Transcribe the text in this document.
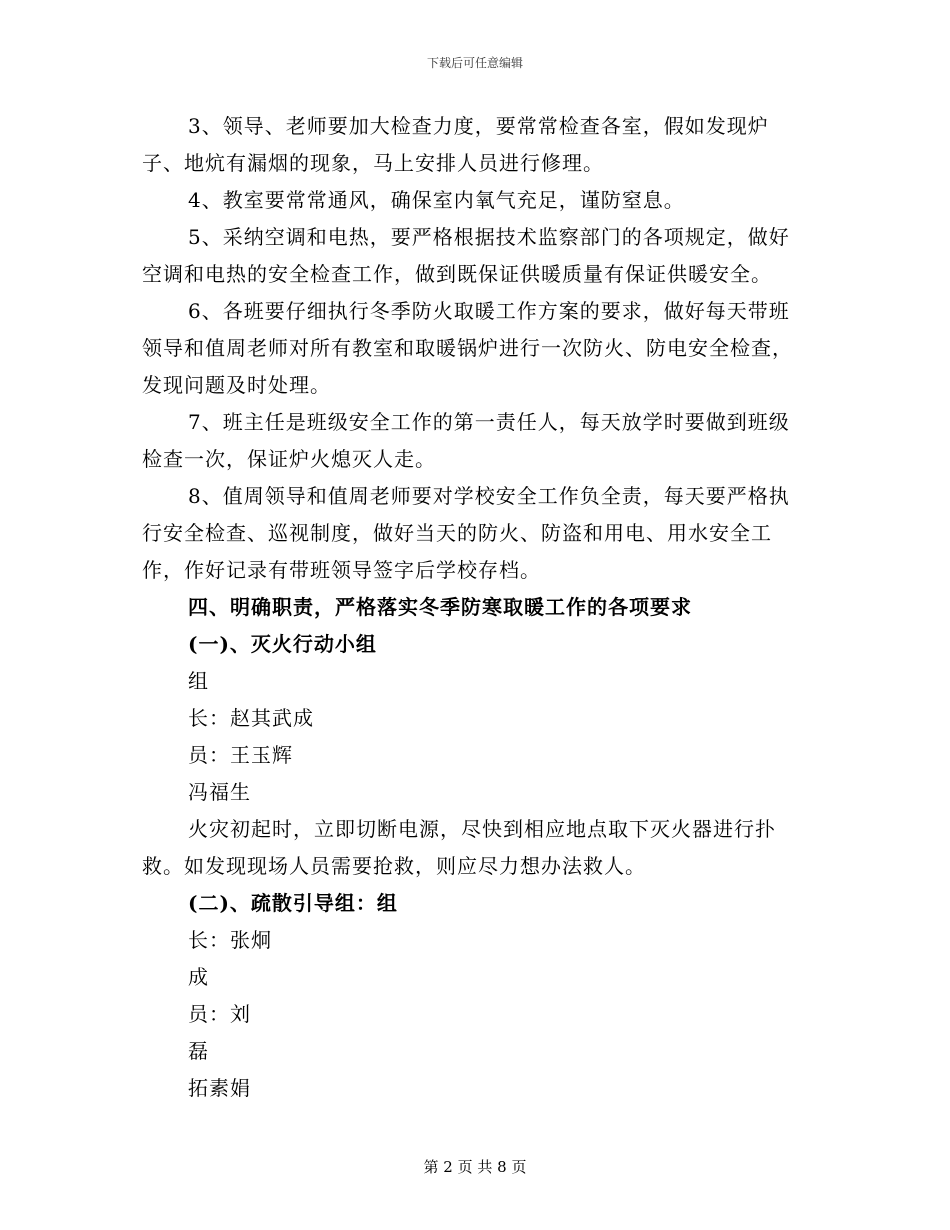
下载后可任意编辑

3、领导、老师要加大检查力度，要常常检查各室，假如发现炉子、地炕有漏烟的现象，马上安排人员进行修理。

4、教室要常常通风，确保室内氧气充足，谨防窒息。

5、采纳空调和电热，要严格根据技术监察部门的各项规定，做好空调和电热的安全检查工作，做到既保证供暖质量有保证供暖安全。

6、各班要仔细执行冬季防火取暖工作方案的要求，做好每天带班领导和值周老师对所有教室和取暖锅炉进行一次防火、防电安全检查，发现问题及时处理。

7、班主任是班级安全工作的第一责任人，每天放学时要做到班级检查一次，保证炉火熄灭人走。

8、值周领导和值周老师要对学校安全工作负全责，每天要严格执行安全检查、巡视制度，做好当天的防火、防盗和用电、用水安全工作，作好记录有带班领导签字后学校存档。

四、明确职责，严格落实冬季防寒取暖工作的各项要求

(一)、灭火行动小组

组

长：赵其武成

员：王玉辉

冯福生

火灾初起时，立即切断电源，尽快到相应地点取下灭火器进行扑救。如发现现场人员需要抢救，则应尽力想办法救人。

(二)、疏散引导组：组

长：张炯

成

员：刘

磊

拓素娟

第 2 页 共 8 页
